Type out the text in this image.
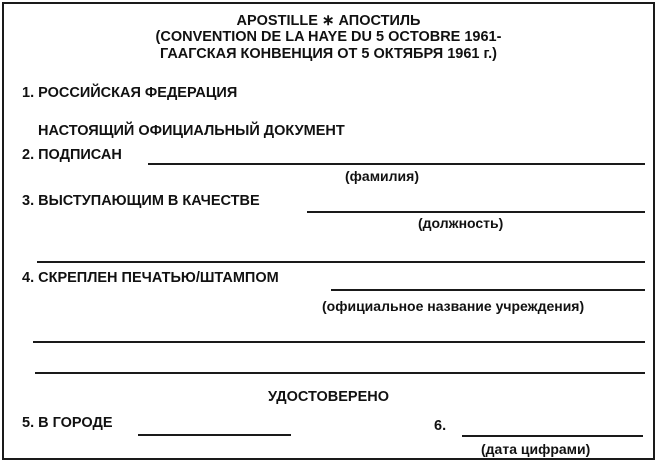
APOSTILLE ∗ АПОСТИЛЬ
(CONVENTION DE LA HAYE DU 5 OCTOBRE 1961-
ГААГСКАЯ КОНВЕНЦИЯ ОТ 5 ОКТЯБРЯ 1961 г.)
1. РОССИЙСКАЯ ФЕДЕРАЦИЯ
НАСТОЯЩИЙ ОФИЦИАЛЬНЫЙ ДОКУМЕНТ
2. ПОДПИСАН
(фамилия)
3. ВЫСТУПАЮЩИМ В КАЧЕСТВЕ
(должность)
4. СКРЕПЛЕН ПЕЧАТЬЮ/ШТАМПОМ
(официальное название учреждения)
УДОСТОВЕРЕНО
5. В ГОРОДЕ	6.
(дата цифрами)
